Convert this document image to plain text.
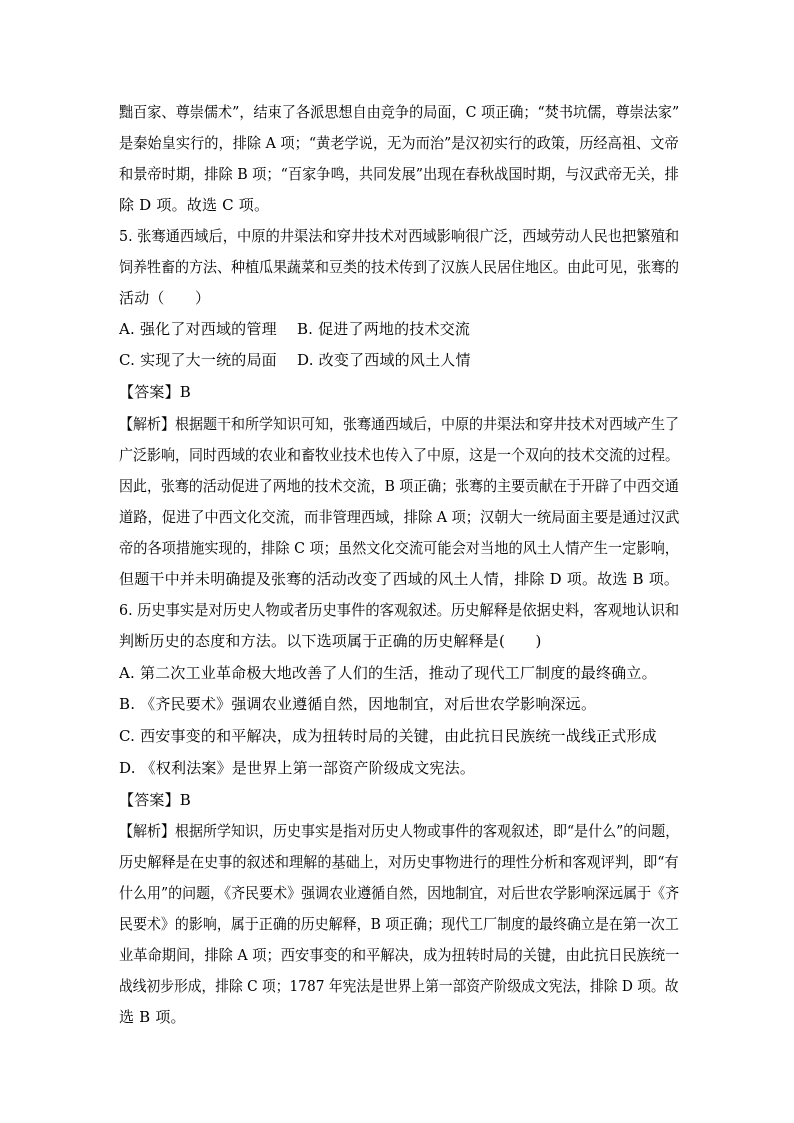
黜百家、尊崇儒术”，结束了各派思想自由竞争的局面，C 项正确；“焚书坑儒，尊崇法家”
是秦始皇实行的，排除 A 项；“黄老学说，无为而治”是汉初实行的政策，历经高祖、文帝
和景帝时期，排除 B 项；“百家争鸣，共同发展”出现在春秋战国时期，与汉武帝无关，排
除 D 项。故选 C 项。
5. 张骞通西域后，中原的井渠法和穿井技术对西域影响很广泛，西域劳动人民也把繁殖和
饲养牲畜的方法、种植瓜果蔬菜和豆类的技术传到了汉族人民居住地区。由此可见，张骞的
活动（　　）
A. 强化了对西域的管理　 B. 促进了两地的技术交流
C. 实现了大一统的局面　 D. 改变了西域的风土人情
【答案】B
【解析】根据题干和所学知识可知，张骞通西域后，中原的井渠法和穿井技术对西域产生了
广泛影响，同时西域的农业和畜牧业技术也传入了中原，这是一个双向的技术交流的过程。
因此，张骞的活动促进了两地的技术交流，B 项正确；张骞的主要贡献在于开辟了中西交通
道路，促进了中西文化交流，而非管理西域，排除 A 项；汉朝大一统局面主要是通过汉武
帝的各项措施实现的，排除 C 项；虽然文化交流可能会对当地的风土人情产生一定影响，
但题干中并未明确提及张骞的活动改变了西域的风土人情，排除 D 项。故选 B 项。
6. 历史事实是对历史人物或者历史事件的客观叙述。历史解释是依据史料，客观地认识和
判断历史的态度和方法。以下选项属于正确的历史解释是(　　)
A. 第二次工业革命极大地改善了人们的生活，推动了现代工厂制度的最终确立。
B. 《齐民要术》强调农业遵循自然，因地制宜，对后世农学影响深远。
C. 西安事变的和平解决，成为扭转时局的关键，由此抗日民族统一战线正式形成
D. 《权利法案》是世界上第一部资产阶级成文宪法。
【答案】B
【解析】根据所学知识，历史事实是指对历史人物或事件的客观叙述，即“是什么”的问题，
历史解释是在史事的叙述和理解的基础上，对历史事物进行的理性分析和客观评判，即“有
什么用”的问题，《齐民要术》强调农业遵循自然，因地制宜，对后世农学影响深远属于《齐
民要术》的影响，属于正确的历史解释，B 项正确；现代工厂制度的最终确立是在第一次工
业革命期间，排除 A 项；西安事变的和平解决，成为扭转时局的关键，由此抗日民族统一
战线初步形成，排除 C 项；1787 年宪法是世界上第一部资产阶级成文宪法，排除 D 项。故
选 B 项。
